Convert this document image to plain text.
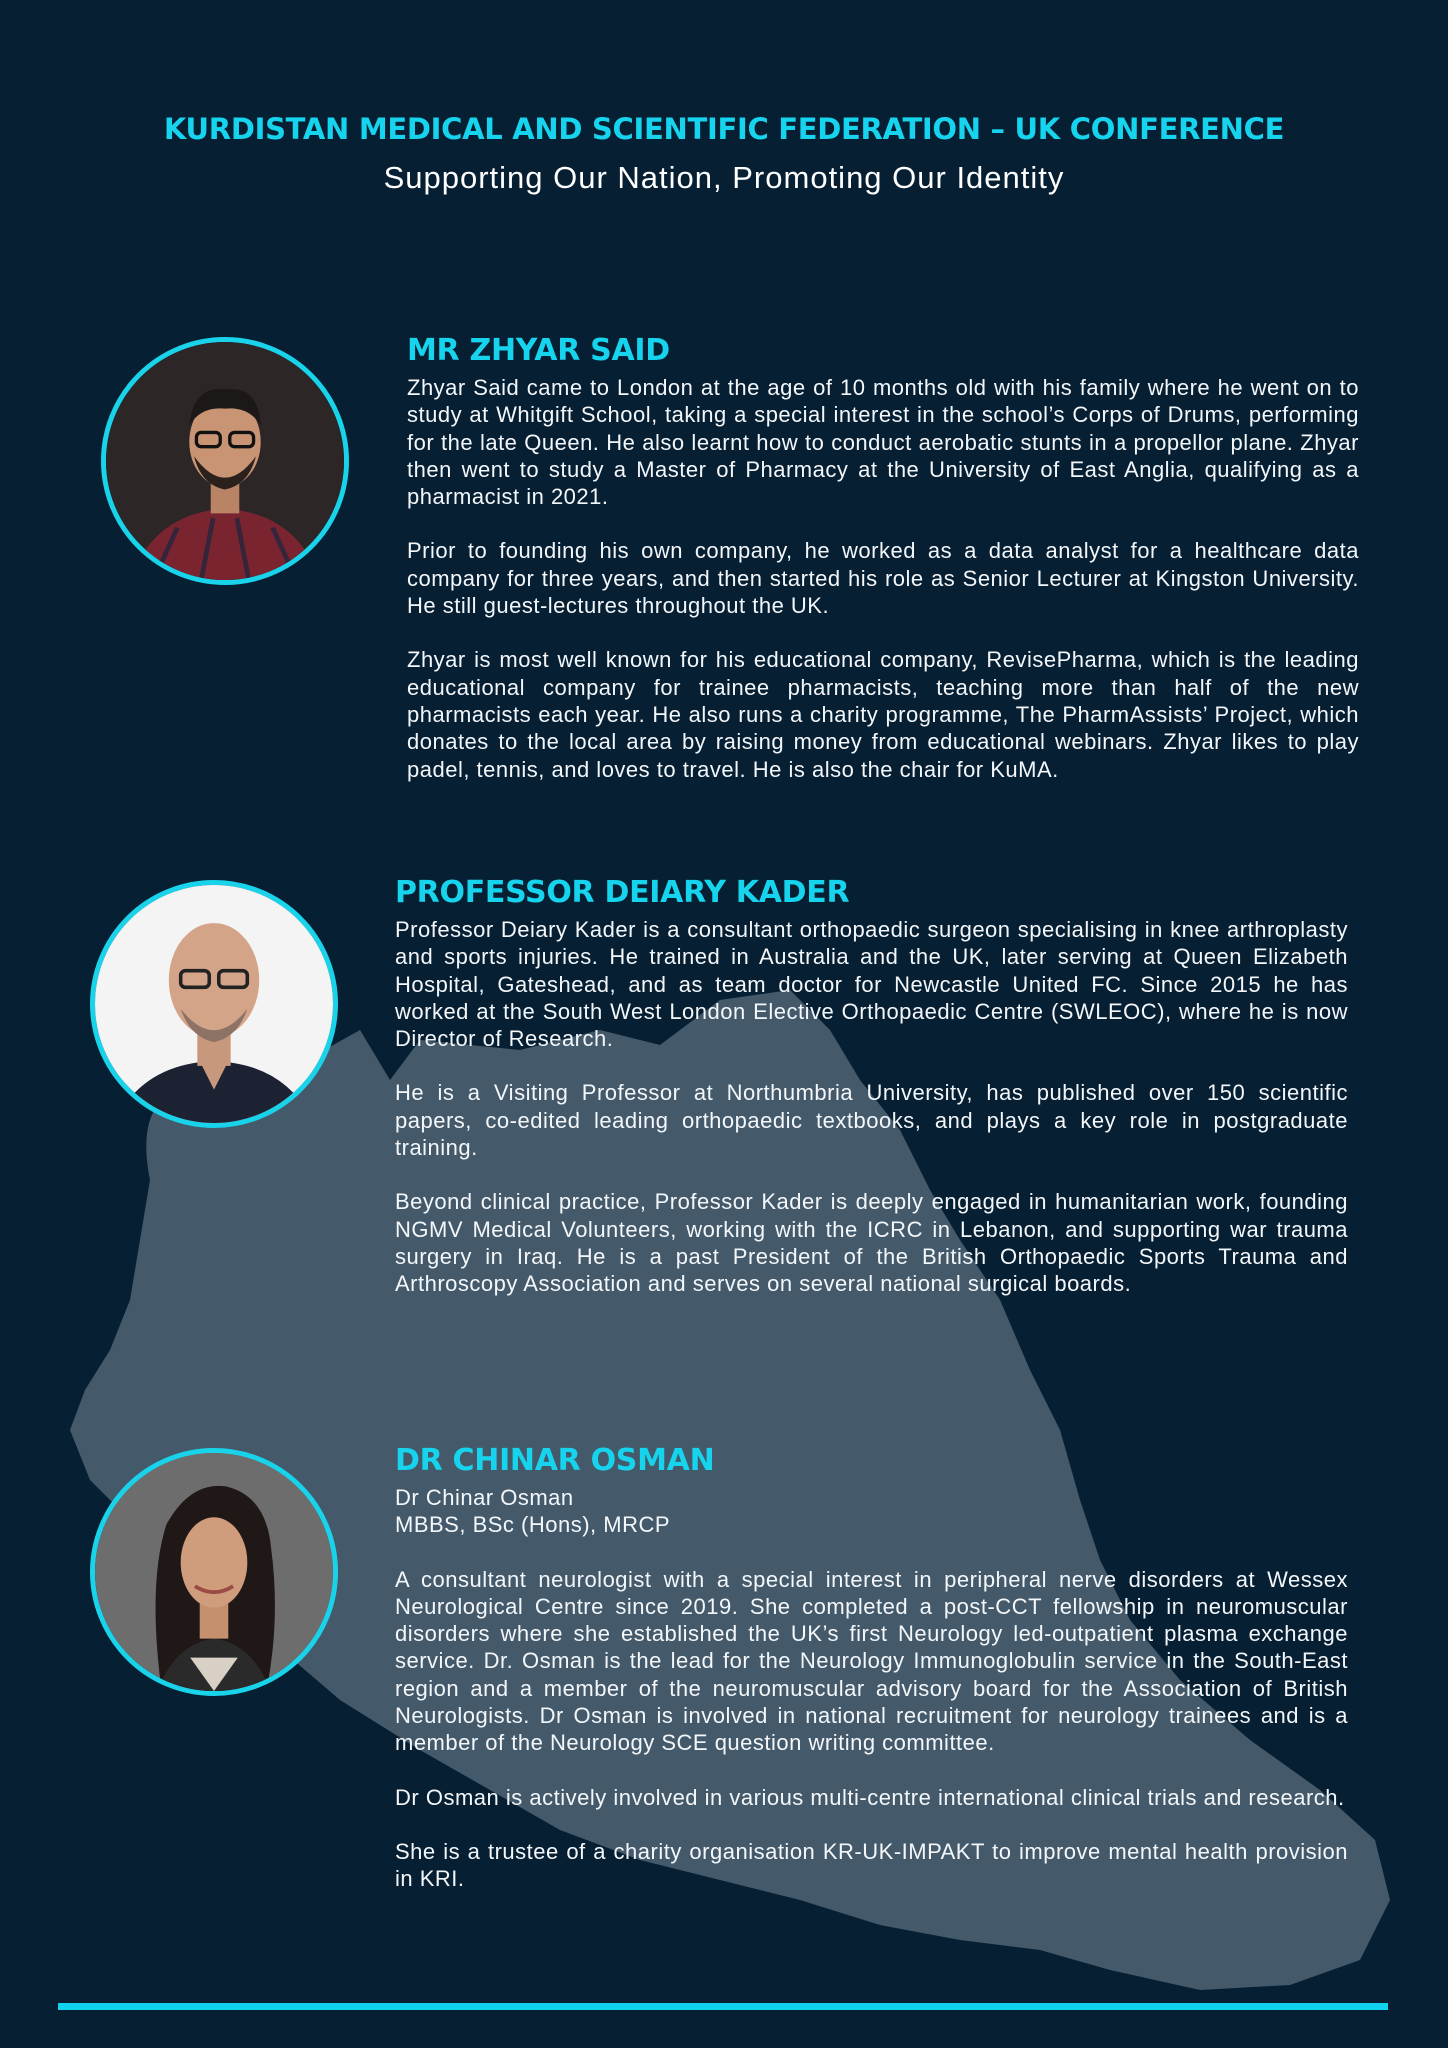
KURDISTAN MEDICAL AND SCIENTIFIC FEDERATION – UK CONFERENCE
Supporting Our Nation, Promoting Our Identity
MR ZHYAR SAID

Zhyar Said came to London at the age of 10 months old with his family where he went on to study at Whitgift School, taking a special interest in the school’s Corps of Drums, performing for the late Queen. He also learnt how to conduct aerobatic stunts in a propellor plane. Zhyar then went to study a Master of Pharmacy at the University of East Anglia, qualifying as a pharmacist in 2021.

Prior to founding his own company, he worked as a data analyst for a healthcare data company for three years, and then started his role as Senior Lecturer at Kingston University. He still guest-lectures throughout the UK.

Zhyar is most well known for his educational company, RevisePharma, which is the leading educational company for trainee pharmacists, teaching more than half of the new pharmacists each year. He also runs a charity programme, The PharmAssists’ Project, which donates to the local area by raising money from educational webinars. Zhyar likes to play padel, tennis, and loves to travel. He is also the chair for KuMA.

PROFESSOR DEIARY KADER

Professor Deiary Kader is a consultant orthopaedic surgeon specialising in knee arthroplasty and sports injuries. He trained in Australia and the UK, later serving at Queen Elizabeth Hospital, Gateshead, and as team doctor for Newcastle United FC. Since 2015 he has worked at the South West London Elective Orthopaedic Centre (SWLEOC), where he is now Director of Research.

He is a Visiting Professor at Northumbria University, has published over 150 scientific papers, co-edited leading orthopaedic textbooks, and plays a key role in postgraduate training.

Beyond clinical practice, Professor Kader is deeply engaged in humanitarian work, founding NGMV Medical Volunteers, working with the ICRC in Lebanon, and supporting war trauma surgery in Iraq. He is a past President of the British Orthopaedic Sports Trauma and Arthroscopy Association and serves on several national surgical boards.

DR CHINAR OSMAN

Dr Chinar Osman
MBBS, BSc (Hons), MRCP

A consultant neurologist with a special interest in peripheral nerve disorders at Wessex Neurological Centre since 2019. She completed a post-CCT fellowship in neuromuscular disorders where she established the UK’s first Neurology led-outpatient plasma exchange service. Dr. Osman is the lead for the Neurology Immunoglobulin service in the South-East region and a member of the neuromuscular advisory board for the Association of British Neurologists. Dr Osman is involved in national recruitment for neurology trainees and is a member of the Neurology SCE question writing committee.

Dr Osman is actively involved in various multi-centre international clinical trials and research.

She is a trustee of a charity organisation KR-UK-IMPAKT to improve mental health provision in KRI.
